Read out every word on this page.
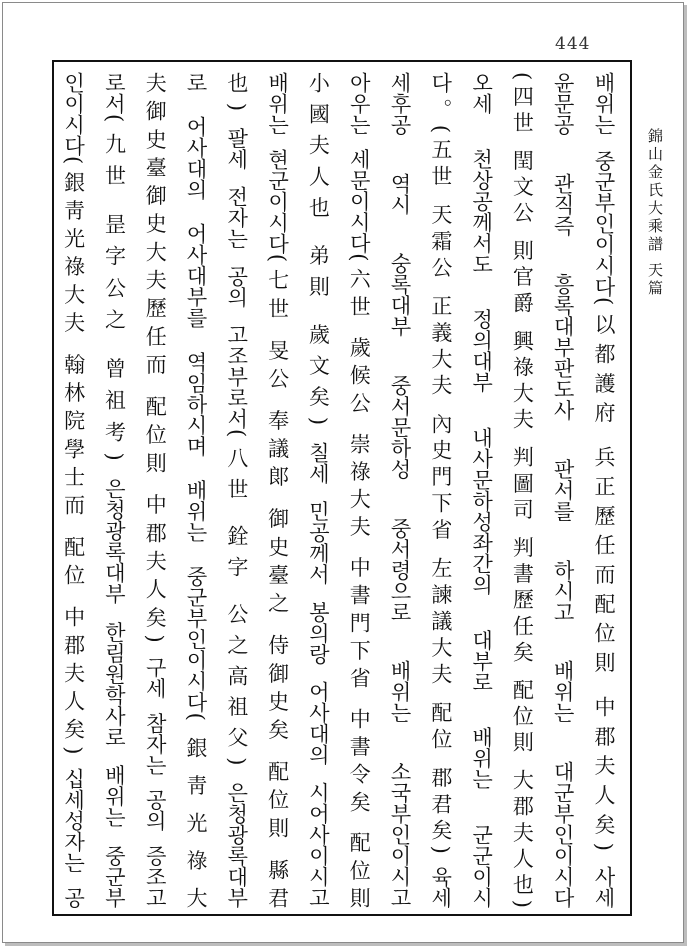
444
錦山金氏大乘譜 天篇
배위는 중군부인이시다(以都護府 兵正歷任而配位則 中郡夫人矣) 사세
윤문공 관직즉 흥록대부판도사 판서를 하시고 배위는 대군부인이시다
(四世 閏文公 則官爵 興祿大夫 判圖司 判書歷任矣 配位則 大郡夫人也)
오세 천상공께서도 정의대부 내사문하성좌간의 대부로 배위는 군군이시
다。(五世 天霜公 正義大夫 內史門下省 左諫議大夫 配位 郡君矣) 육세
세후공 역시 숭록대부 중서문하성 중서령으로 배위는 소국부인이시고
아우는 세문이시다(六世 歲候公 崇祿大夫 中書門下省 中書令矣 配位則
小國夫人也 弟則 歲文矣) 칠세 민공께서 봉의랑 어사대의 시어사이시고
배위는 현군이시다(七世 旻公 奉議郞 御史臺之 侍御史矣 配位則 縣君
也) 팔세 전자는 공의 고조부로서(八世 銓字 公之高祖父) 은청광록대부
로 어사대의 어사대부를 역임하시며 배위는 중군부인이시다(銀靑光祿大
夫御史臺御史大夫歷任而 配位則 中郡夫人矣) 구세 참자는 공의 증조고
로서(九世 昰字公之 曾祖考) 은청광록대부 한림원학사로 배위는 중군부
인이시다(銀靑光祿大夫 翰林院學士而 配位 中郡夫人矣) 십세성자는 공
